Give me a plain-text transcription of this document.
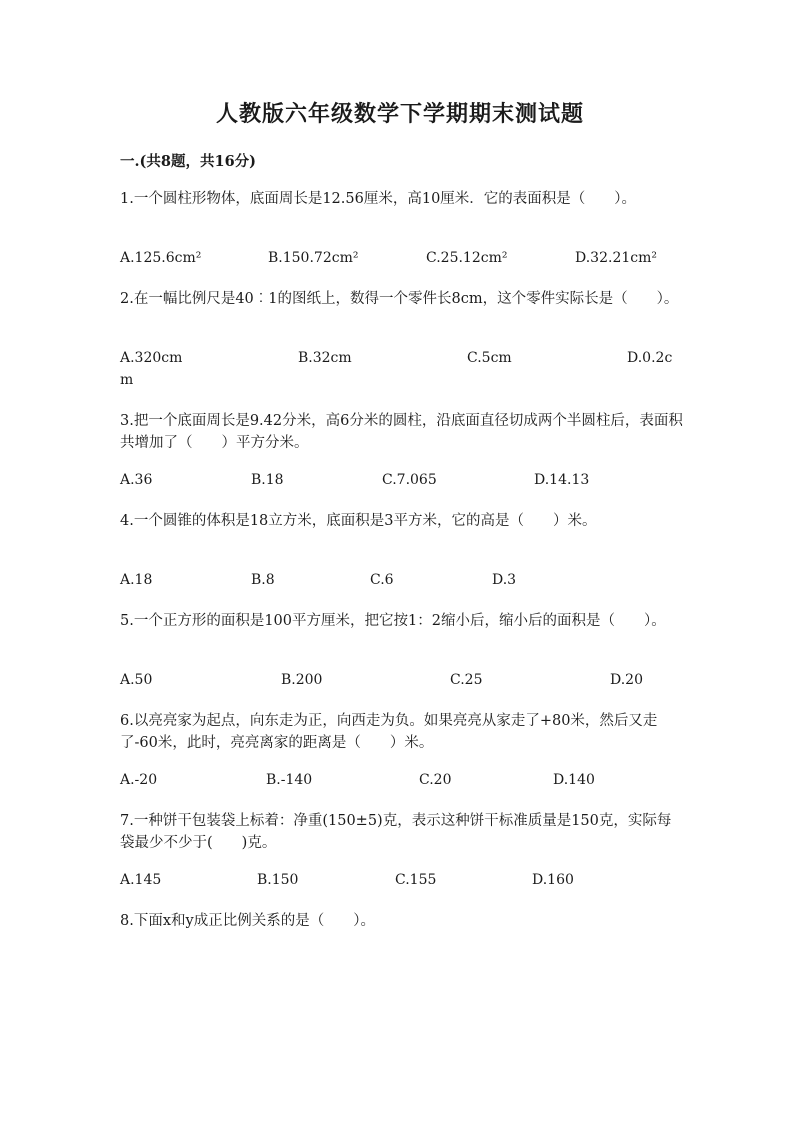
人教版六年级数学下学期期末测试题
一.(共8题，共16分)
1.一个圆柱形物体，底面周长是12.56厘米，高10厘米．它的表面积是（　　）。
A.125.6cm²	B.150.72cm²	C.25.12cm²	D.32.21cm²
2.在一幅比例尺是40︰1的图纸上，数得一个零件长8cm，这个零件实际长是（　　）。
A.320cm	B.32cm	C.5cm	D.0.2c
m
3.把一个底面周长是9.42分米，高6分米的圆柱，沿底面直径切成两个半圆柱后，表面积共增加了（　　）平方分米。
A.36	B.18	C.7.065	D.14.13
4.一个圆锥的体积是18立方米，底面积是3平方米，它的高是（　　）米。
A.18	B.8	C.6	D.3
5.一个正方形的面积是100平方厘米，把它按1：2缩小后，缩小后的面积是（　　）。
A.50	B.200	C.25	D.20
6.以亮亮家为起点，向东走为正，向西走为负。如果亮亮从家走了+80米，然后又走了-60米，此时，亮亮离家的距离是（　　）米。
A.-20	B.-140	C.20	D.140
7.一种饼干包装袋上标着：净重(150±5)克，表示这种饼干标准质量是150克，实际每袋最少不少于(　　)克。
A.145	B.150	C.155	D.160
8.下面x和y成正比例关系的是（　　）。
